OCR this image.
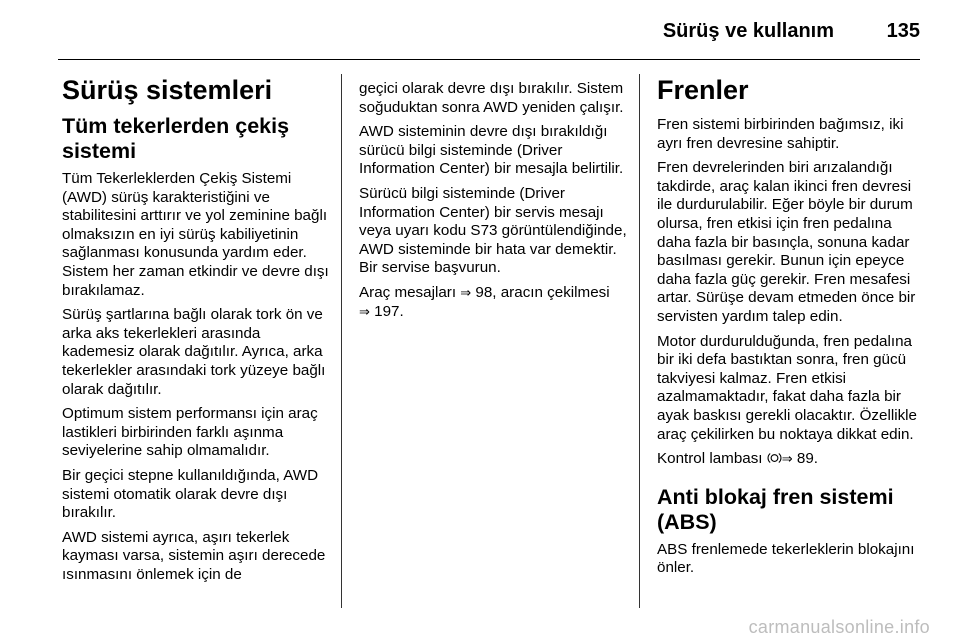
Sürüş ve kullanım	135
Sürüş sistemleri
Tüm tekerlerden çekiş sistemi

Tüm Tekerleklerden Çekiş Sistemi (AWD) sürüş karakteristiğini ve stabilitesini arttırır ve yol zeminine bağlı olmaksızın en iyi sürüş kabiliyetinin sağlanması konusunda yardım eder. Sistem her zaman etkindir ve devre dışı bırakılamaz.

Sürüş şartlarına bağlı olarak tork ön ve arka aks tekerlekleri arasında kademesiz olarak dağıtılır. Ayrıca, arka tekerlekler arasındaki tork yüzeye bağlı olarak dağıtılır.

Optimum sistem performansı için araç lastikleri birbirinden farklı aşınma seviyelerine sahip olmamalıdır.

Bir geçici stepne kullanıldığında, AWD sistemi otomatik olarak devre dışı bırakılır.

AWD sistemi ayrıca, aşırı tekerlek kayması varsa, sistemin aşırı derecede ısınmasını önlemek için de

geçici olarak devre dışı bırakılır. Sistem soğuduktan sonra AWD yeniden çalışır.

AWD sisteminin devre dışı bırakıldığı sürücü bilgi sisteminde (Driver Information Center) bir mesajla belirtilir.

Sürücü bilgi sisteminde (Driver Information Center) bir servis mesajı veya uyarı kodu S73 görüntülendiğinde, AWD sisteminde bir hata var demektir. Bir servise başvurun.

Araç mesajları ⇒ 98, aracın çekilmesi
⇒ 197.

Frenler

Fren sistemi birbirinden bağımsız, iki ayrı fren devresine sahiptir.

Fren devrelerinden biri arızalandığı takdirde, araç kalan ikinci fren devresi ile durdurulabilir. Eğer böyle bir durum olursa, fren etkisi için fren pedalına daha fazla bir basınçla, sonuna kadar basılması gerekir. Bunun için epeyce daha fazla güç gerekir. Fren mesafesi artar. Sürüşe devam etmeden önce bir servisten yardım talep edin.

Motor durdurulduğunda, fren pedalına bir iki defa bastıktan sonra, fren gücü takviyesi kalmaz. Fren etkisi azalmamaktadır, fakat daha fazla bir ayak baskısı gerekli olacaktır. Özellikle araç çekilirken bu noktaya dikkat edin.

Kontrol lambası ⇒ 89.

Anti blokaj fren sistemi (ABS)

ABS frenlemede tekerleklerin blokajını önler.

carmanualsonline.info
